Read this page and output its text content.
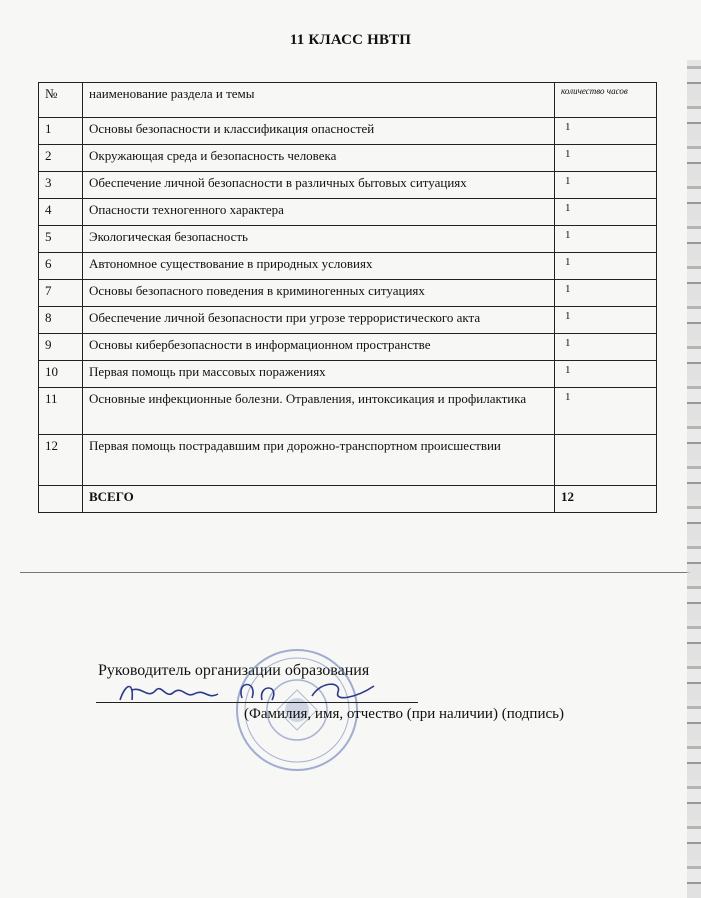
11 КЛАСС НВТП
№	наименование раздела и темы	количество часов
1	Основы безопасности и классификация опасностей	1
2	Окружающая среда и безопасность человека	1
3	Обеспечение личной безопасности в различных бытовых ситуациях	1
4	Опасности техногенного характера	1
5	Экологическая безопасность	1
6	Автономное существование в природных условиях	1
7	Основы безопасного поведения в криминогенных ситуациях	1
8	Обеспечение личной безопасности при угрозе террористического акта	1
9	Основы кибербезопасности в информационном пространстве	1
10	Первая помощь при массовых поражениях	1
11	Основные инфекционные болезни. Отравления, интоксикация и профилактика	1
12	Первая помощь пострадавшим при дорожно-транспортном происшествии	
	ВСЕГО	12
Руководитель организации образования
(Фамилия, имя, отчество (при наличии) (подпись)
